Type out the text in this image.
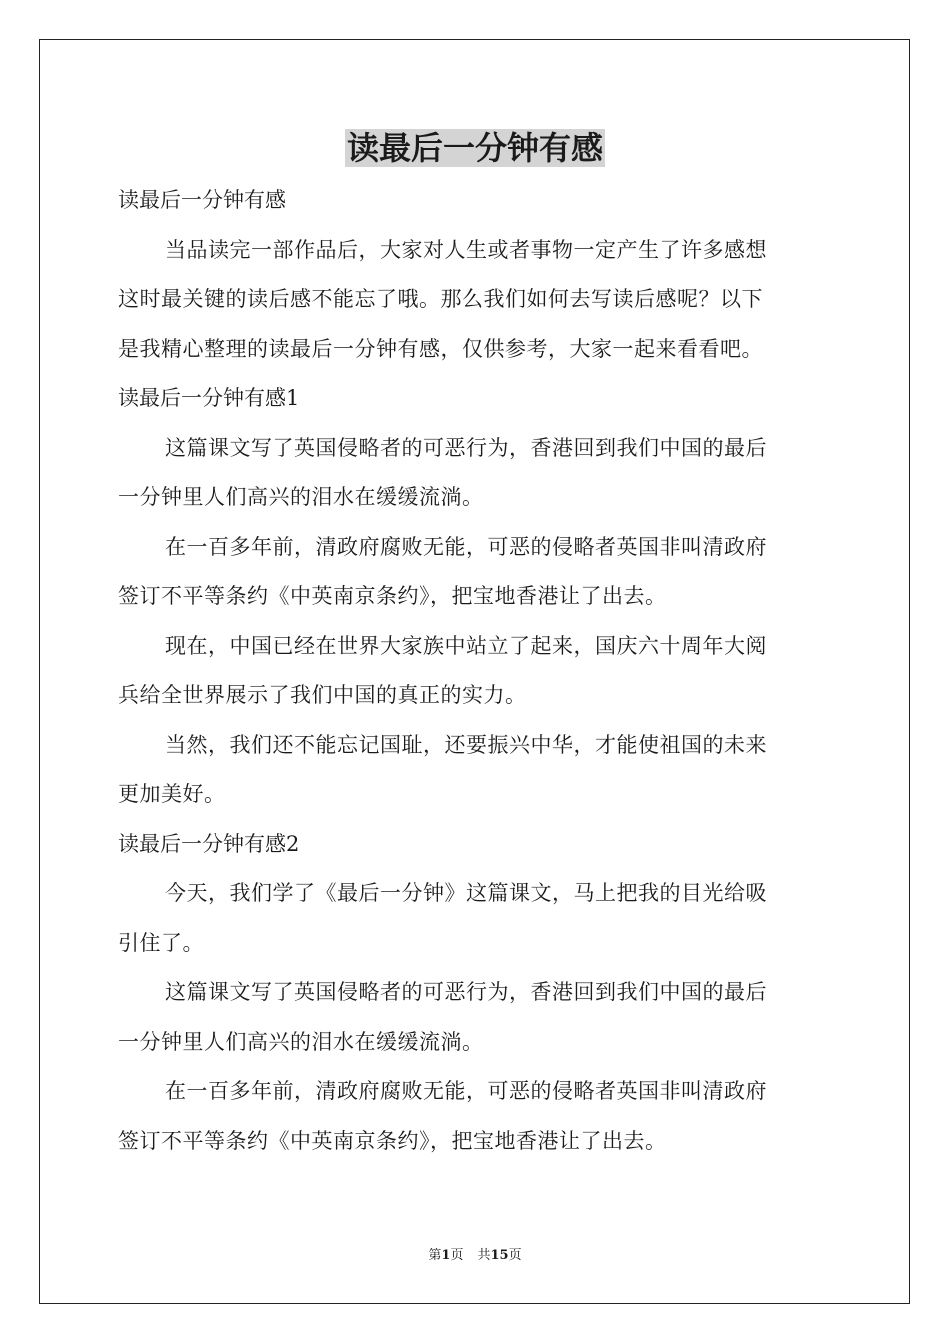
读最后一分钟有感
读最后一分钟有感
当品读完一部作品后，大家对人生或者事物一定产生了许多感想
这时最关键的读后感不能忘了哦。那么我们如何去写读后感呢？以下
是我精心整理的读最后一分钟有感，仅供参考，大家一起来看看吧。
读最后一分钟有感1
这篇课文写了英国侵略者的可恶行为，香港回到我们中国的最后
一分钟里人们高兴的泪水在缓缓流淌。
在一百多年前，清政府腐败无能，可恶的侵略者英国非叫清政府
签订不平等条约《中英南京条约》，把宝地香港让了出去。
现在，中国已经在世界大家族中站立了起来，国庆六十周年大阅
兵给全世界展示了我们中国的真正的实力。
当然，我们还不能忘记国耻，还要振兴中华，才能使祖国的未来
更加美好。
读最后一分钟有感2
今天，我们学了《最后一分钟》这篇课文，马上把我的目光给吸
引住了。
这篇课文写了英国侵略者的可恶行为，香港回到我们中国的最后
一分钟里人们高兴的泪水在缓缓流淌。
在一百多年前，清政府腐败无能，可恶的侵略者英国非叫清政府
签订不平等条约《中英南京条约》，把宝地香港让了出去。
第1页 共15页
